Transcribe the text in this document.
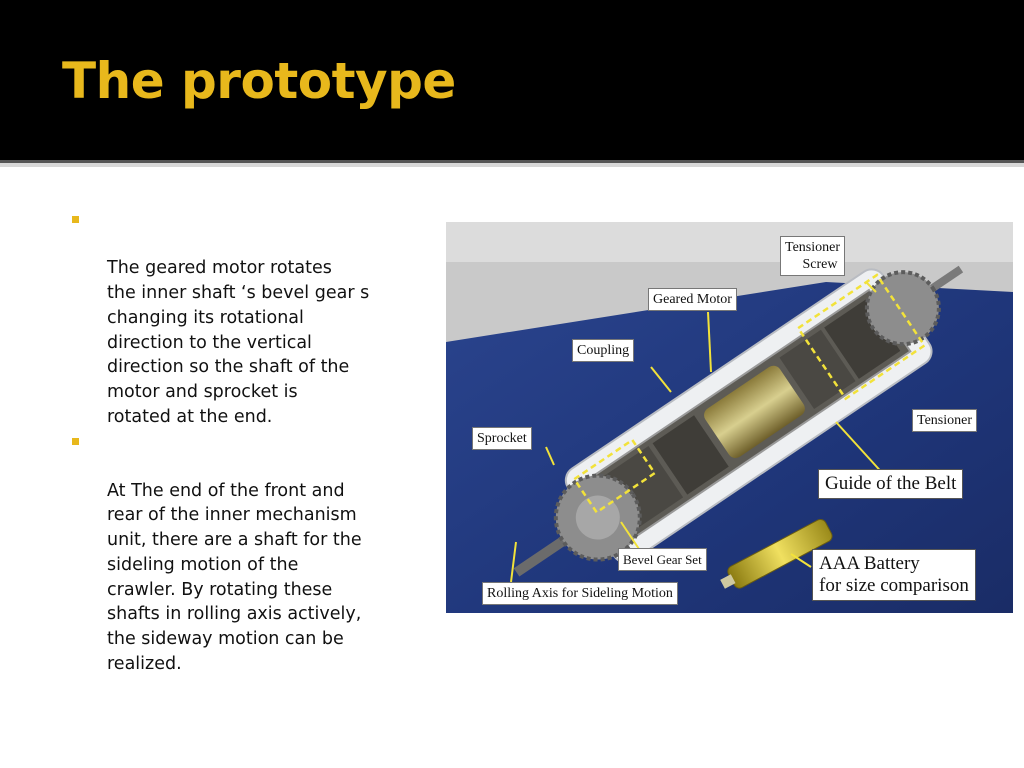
The prototype

The geared motor rotates
the inner shaft ‘s bevel gear s
changing its rotational
direction to the vertical
direction so the shaft of the
motor and sprocket is
rotated at the end.

At The end of the front and
rear of the inner mechanism
unit, there are a shaft for the
sideling motion of the
crawler. By rotating these
shafts in rolling axis actively,
the sideway motion can be
realized.

Tensioner
Screw
Geared Motor
Coupling
Tensioner
Sprocket
Guide of the Belt
Bevel Gear Set	AAA Battery
for size comparison
Rolling Axis for Sideling Motion
